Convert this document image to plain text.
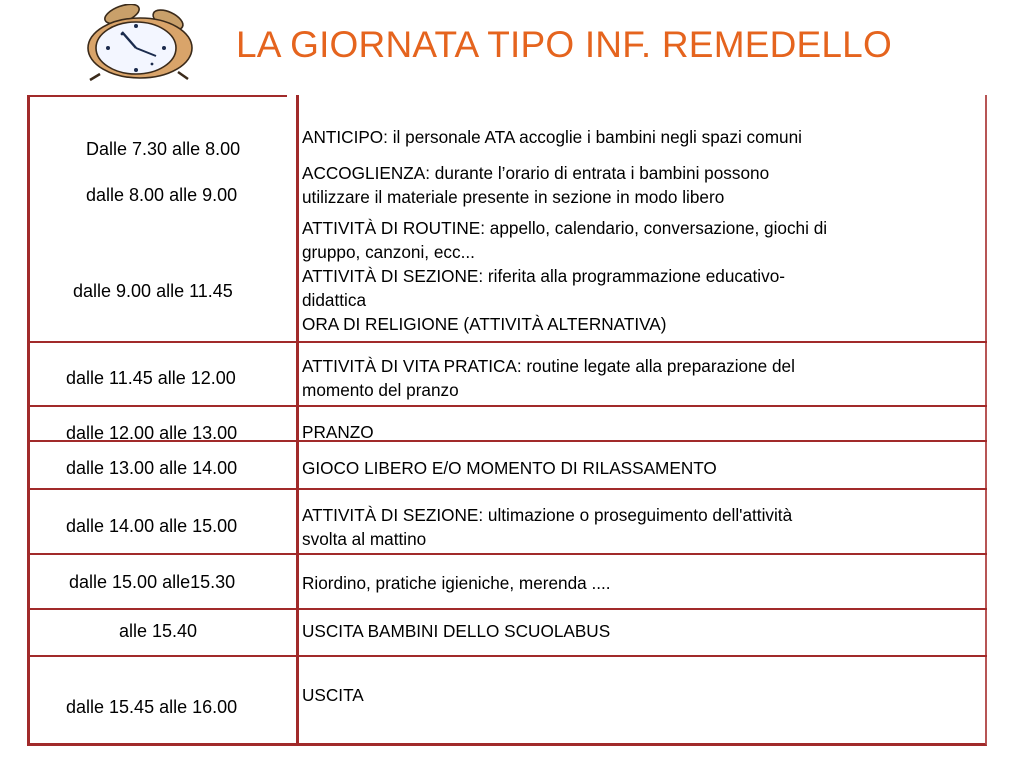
LA GIORNATA TIPO INF. REMEDELLO
Dalle 7.30 alle 8.00
dalle 8.00 alle 9.00
dalle 9.00 alle 11.45
dalle 11.45 alle 12.00
dalle 12.00 alle 13.00
dalle 13.00 alle 14.00
dalle 14.00 alle 15.00
dalle 15.00 alle15.30
alle 15.40
dalle 15.45 alle 16.00
ANTICIPO: il personale ATA accoglie i bambini negli spazi comuni
ACCOGLIENZA: durante l’orario di entrata i bambini possono
utilizzare il materiale presente in sezione in modo libero
ATTIVITÀ DI ROUTINE: appello, calendario, conversazione, giochi di
gruppo, canzoni, ecc...
ATTIVITÀ DI SEZIONE: riferita alla programmazione educativo-
didattica
ORA DI RELIGIONE (ATTIVITÀ ALTERNATIVA)
ATTIVITÀ DI VITA PRATICA: routine legate alla preparazione del
momento del pranzo
PRANZO
GIOCO LIBERO E/O MOMENTO DI RILASSAMENTO
ATTIVITÀ DI SEZIONE: ultimazione o proseguimento dell'attività
svolta al mattino
Riordino, pratiche igieniche, merenda ....
USCITA BAMBINI DELLO SCUOLABUS
USCITA
